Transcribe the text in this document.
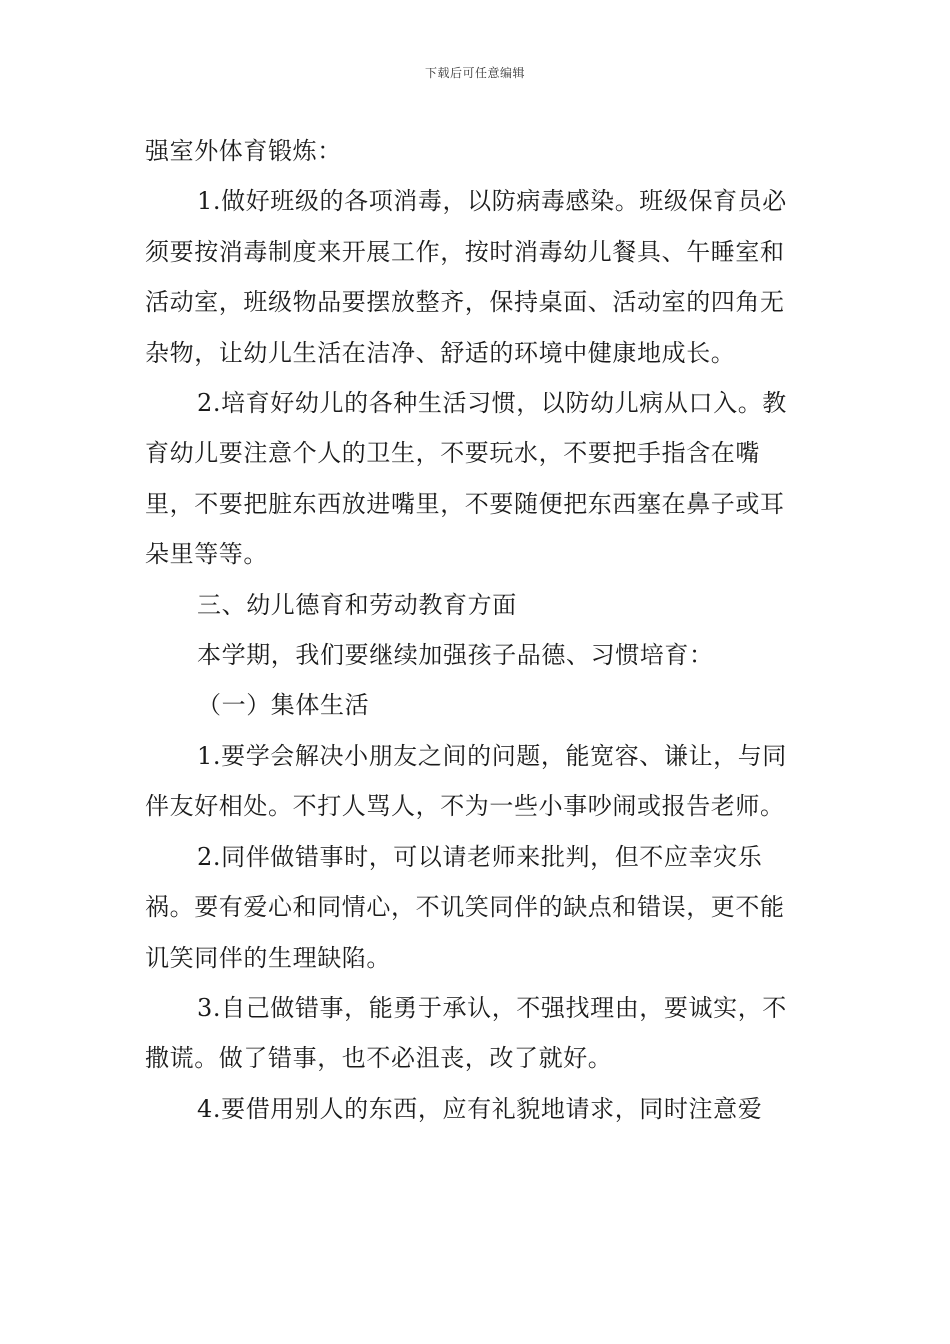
下载后可任意编辑

强室外体育锻炼：

1.做好班级的各项消毒，以防病毒感染。班级保育员必须要按消毒制度来开展工作，按时消毒幼儿餐具、午睡室和活动室，班级物品要摆放整齐，保持桌面、活动室的四角无杂物，让幼儿生活在洁净、舒适的环境中健康地成长。

2.培育好幼儿的各种生活习惯，以防幼儿病从口入。教育幼儿要注意个人的卫生，不要玩水，不要把手指含在嘴里，不要把脏东西放进嘴里，不要随便把东西塞在鼻子或耳朵里等等。

三、幼儿德育和劳动教育方面

本学期，我们要继续加强孩子品德、习惯培育：

（一）集体生活

1.要学会解决小朋友之间的问题，能宽容、谦让，与同伴友好相处。不打人骂人，不为一些小事吵闹或报告老师。

2.同伴做错事时，可以请老师来批判，但不应幸灾乐祸。要有爱心和同情心，不讥笑同伴的缺点和错误，更不能讥笑同伴的生理缺陷。

3.自己做错事，能勇于承认，不强找理由，要诚实，不撒谎。做了错事，也不必沮丧，改了就好。

4.要借用别人的东西，应有礼貌地请求，同时注意爱
